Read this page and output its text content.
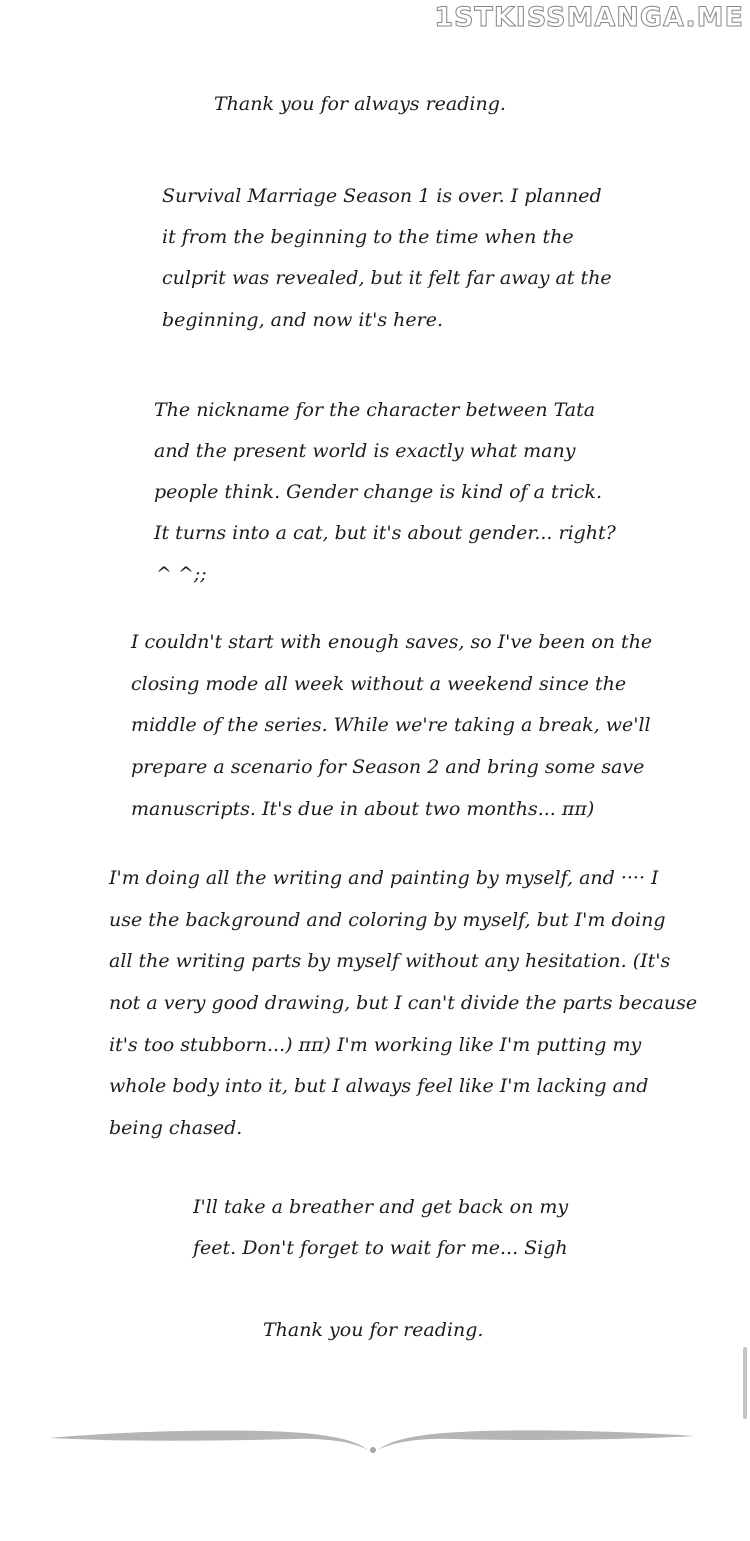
1STKISSMANGA.ME

Thank you for always reading.

Survival Marriage Season 1 is over. I planned

it from the beginning to the time when the

culprit was revealed, but it felt far away at the

beginning, and now it's here.

The nickname for the character between Tata

and the present world is exactly what many

people think. Gender change is kind of a trick.

It turns into a cat, but it's about gender... right?

^ ^;;

I couldn't start with enough saves, so I've been on the

closing mode all week without a weekend since the

middle of the series. While we're taking a break, we'll

prepare a scenario for Season 2 and bring some save

manuscripts. It's due in about two months... ππ)

I'm doing all the writing and painting by myself, and ···· I

use the background and coloring by myself, but I'm doing

all the writing parts by myself without any hesitation. (It's

not a very good drawing, but I can't divide the parts because

it's too stubborn...) ππ) I'm working like I'm putting my

whole body into it, but I always feel like I'm lacking and

being chased.

I'll take a breather and get back on my

feet. Don't forget to wait for me... Sigh

Thank you for reading.
